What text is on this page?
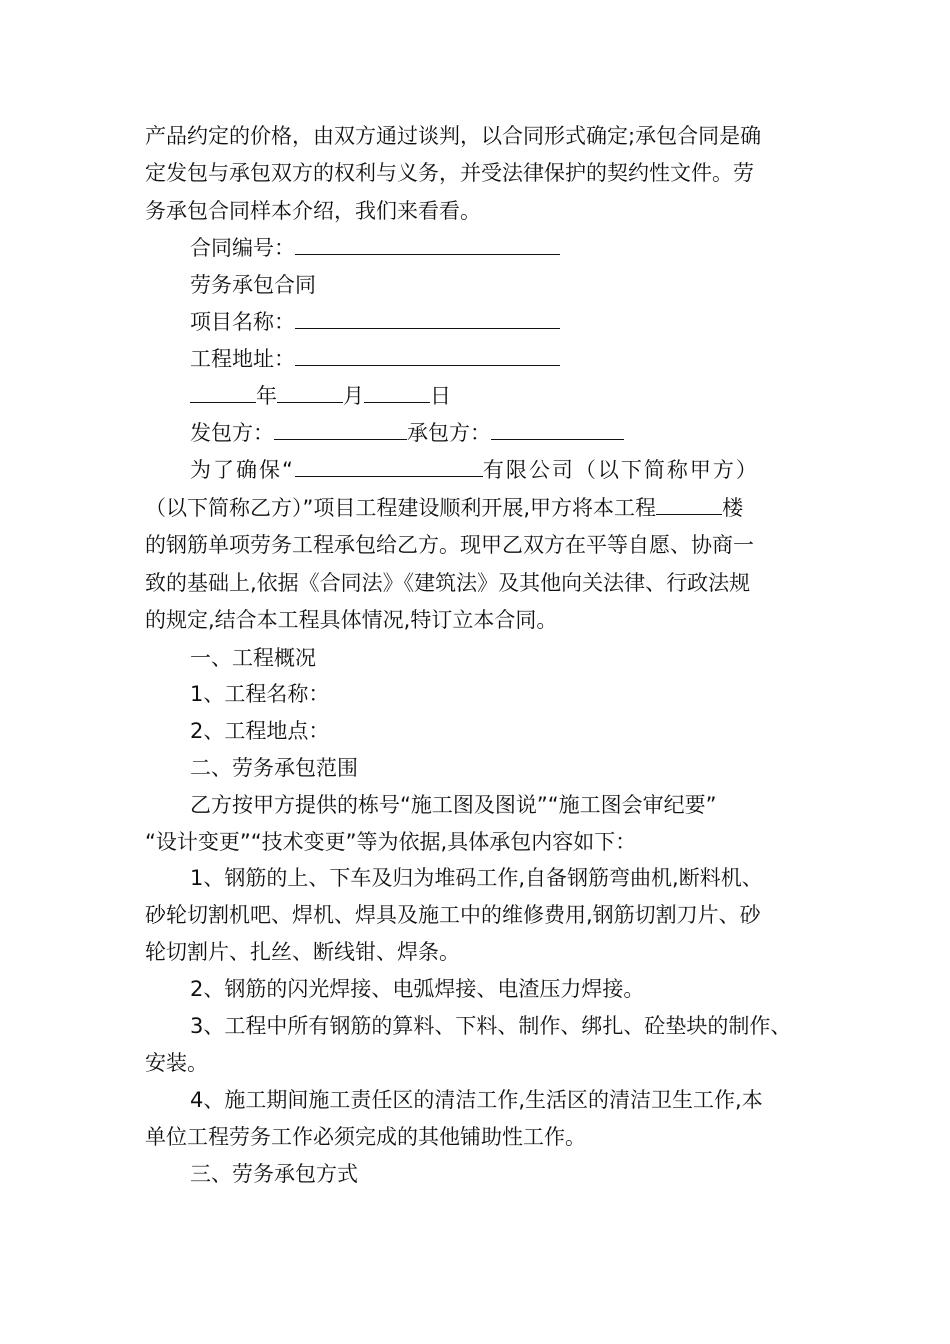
产品约定的价格，由双方通过谈判，以合同形式确定;承包合同是确
定发包与承包双方的权利与义务，并受法律保护的契约性文件。劳
务承包合同样本介绍，我们来看看。
合同编号：
劳务承包合同
项目名称：
工程地址：
年	月	日
发包方：	承包方：
为了确保“	有限公司（以下简称甲方）
（以下简称乙方）”项目工程建设顺利开展,甲方将本工程	楼
的钢筋单项劳务工程承包给乙方。现甲乙双方在平等自愿、协商一
致的基础上,依据《合同法》《建筑法》及其他向关法律、行政法规
的规定,结合本工程具体情况,特订立本合同。
一、工程概况
1、工程名称：
2、工程地点：
二、劳务承包范围
乙方按甲方提供的栋号“施工图及图说”“施工图会审纪要”
“设计变更”“技术变更”等为依据,具体承包内容如下：
1、钢筋的上、下车及归为堆码工作,自备钢筋弯曲机,断料机、
砂轮切割机吧、焊机、焊具及施工中的维修费用,钢筋切割刀片、砂
轮切割片、扎丝、断线钳、焊条。
2、钢筋的闪光焊接、电弧焊接、电渣压力焊接。
3、工程中所有钢筋的算料、下料、制作、绑扎、砼垫块的制作、
安装。
4、施工期间施工责任区的清洁工作,生活区的清洁卫生工作,本
单位工程劳务工作必须完成的其他铺助性工作。
三、劳务承包方式
